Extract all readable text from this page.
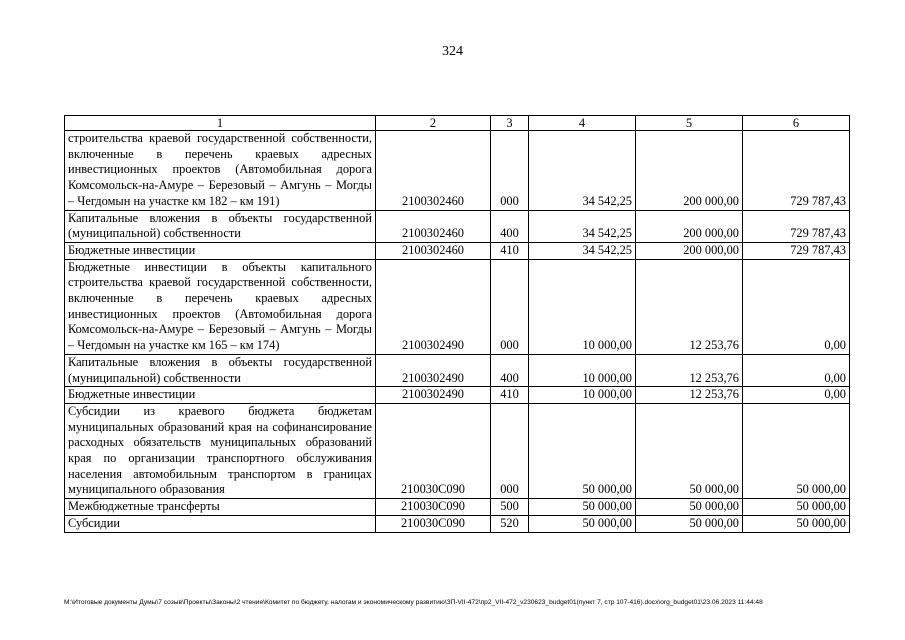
324
1	2	3	4	5	6
строительства краевой государственной собственности, включенные в перечень краевых адресных инвестиционных проектов (Автомобильная дорога Комсомольск-на-Амуре – Березовый – Амгунь – Могды – Чегдомын на участке км 182 – км 191)	2100302460	000	34 542,25	200 000,00	729 787,43
Капитальные вложения в объекты государственной (муниципальной) собственности	2100302460	400	34 542,25	200 000,00	729 787,43
Бюджетные инвестиции	2100302460	410	34 542,25	200 000,00	729 787,43
Бюджетные инвестиции в объекты капитального строительства краевой государственной собственности, включенные в перечень краевых адресных инвестиционных проектов (Автомобильная дорога Комсомольск-на-Амуре – Березовый – Амгунь – Могды – Чегдомын на участке км 165 – км 174)	2100302490	000	10 000,00	12 253,76	0,00
Капитальные вложения в объекты государственной (муниципальной) собственности	2100302490	400	10 000,00	12 253,76	0,00
Бюджетные инвестиции	2100302490	410	10 000,00	12 253,76	0,00
Субсидии из краевого бюджета бюджетам муниципальных образований края на софинансирование расходных обязательств муниципальных образований края по организации транспортного обслуживания населения автомобильным транспортом в границах муниципального образования	210030С090	000	50 000,00	50 000,00	50 000,00
Межбюджетные трансферты	210030С090	500	50 000,00	50 000,00	50 000,00
Субсидии	210030С090	520	50 000,00	50 000,00	50 000,00
M:\Итоговые документы Думы\7 созыв\Проекты\Законы\2 чтение\Комитет по бюджету, налогам и экономическому развитию\ЗП-VII-472\пр2_VII-472_v230623_budget01(пункт 7, стр 107-416).docx\org_budget01\23.06.2023 11:44:48
